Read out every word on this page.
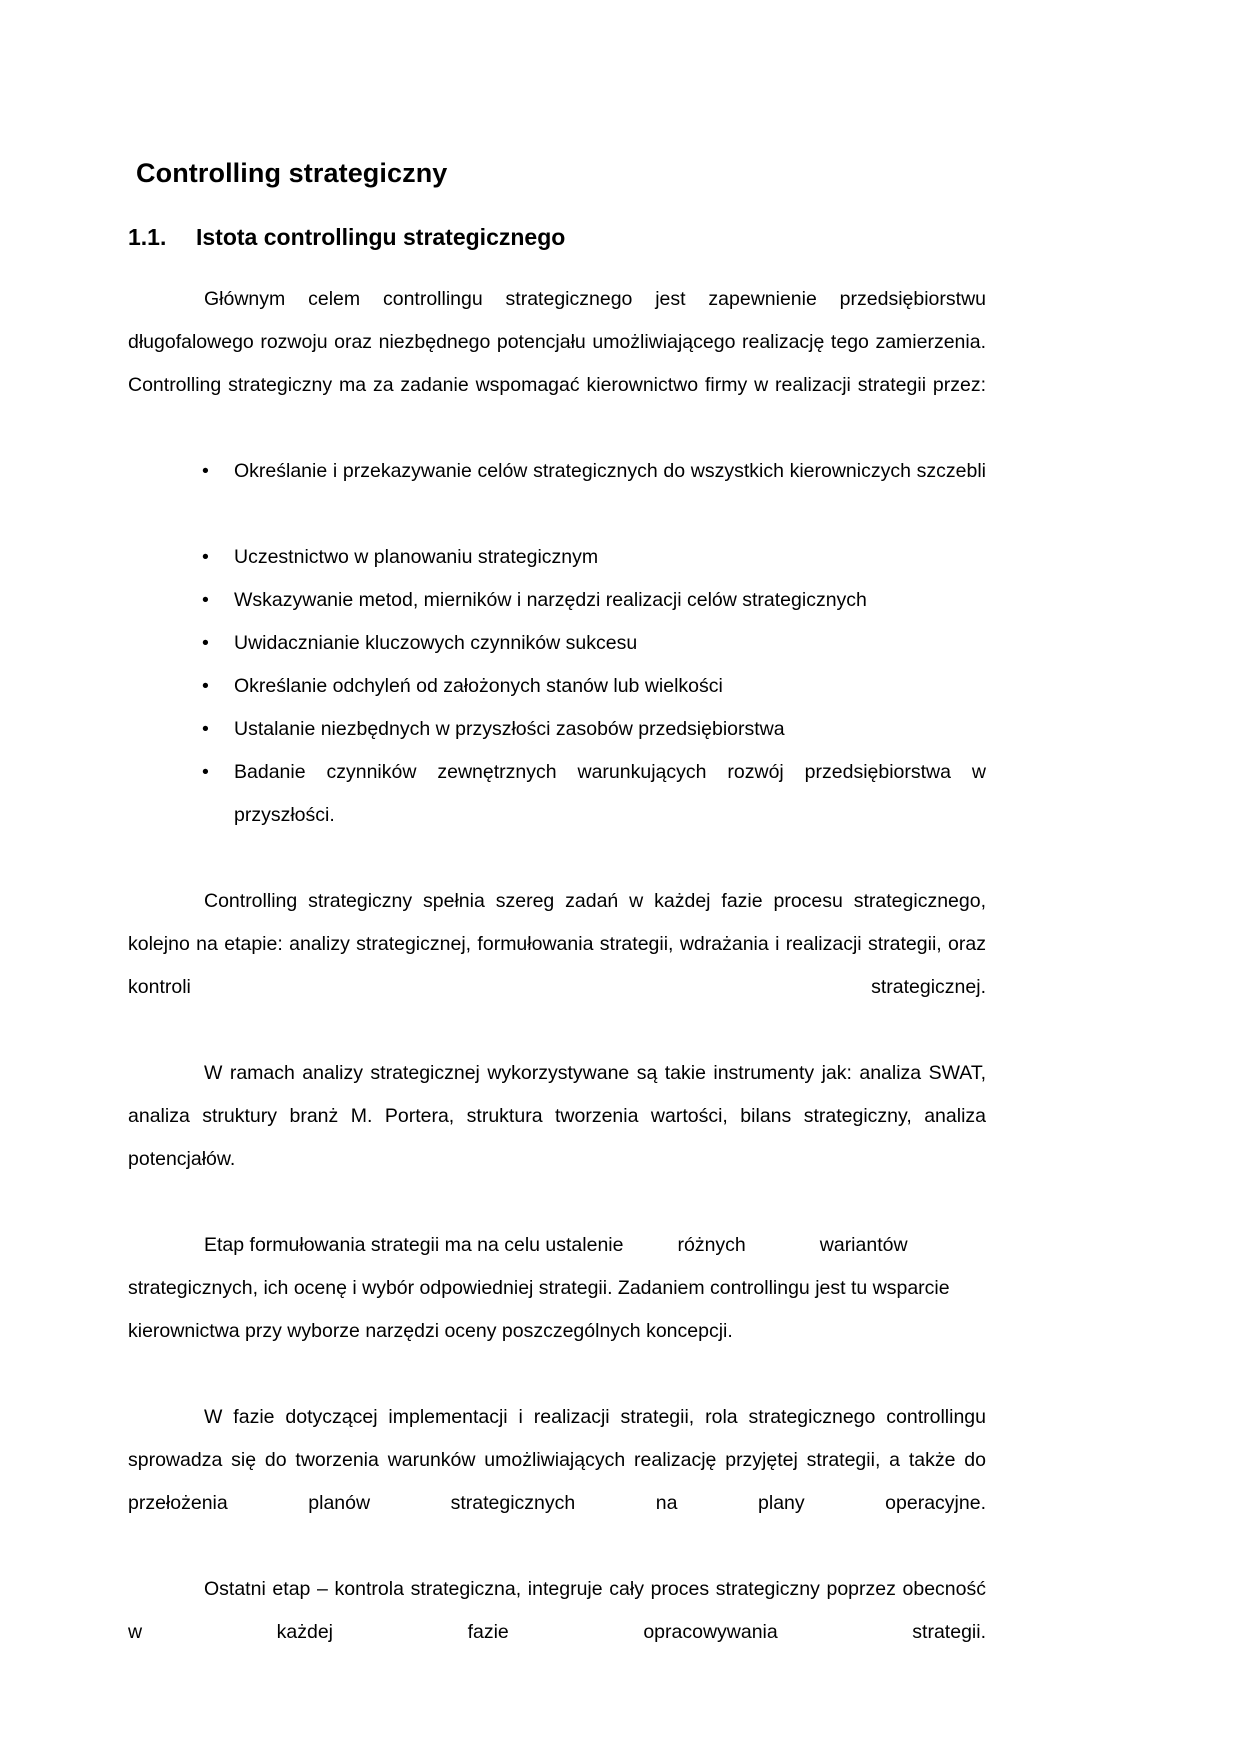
Controlling strategiczny
1.1.	Istota controllingu strategicznego

Głównym celem controllingu strategicznego jest zapewnienie przedsiębiorstwu długofalowego rozwoju oraz niezbędnego potencjału umożliwiającego realizację tego zamierzenia. Controlling strategiczny ma za zadanie wspomagać kierownictwo firmy w realizacji strategii przez:

• Określanie i przekazywanie celów strategicznych do wszystkich kierowniczych szczebli
• Uczestnictwo w planowaniu strategicznym
• Wskazywanie metod, mierników i narzędzi realizacji celów strategicznych
• Uwidacznianie kluczowych czynników sukcesu
• Określanie odchyleń od założonych stanów lub wielkości
• Ustalanie niezbędnych w przyszłości zasobów przedsiębiorstwa
• Badanie czynników zewnętrznych warunkujących rozwój przedsiębiorstwa w przyszłości.

Controlling strategiczny spełnia szereg zadań w każdej fazie procesu strategicznego, kolejno na etapie: analizy strategicznej, formułowania strategii, wdrażania i realizacji strategii, oraz kontroli strategicznej.

W ramach analizy strategicznej wykorzystywane są takie instrumenty jak: analiza SWAT, analiza struktury branż M. Portera, struktura tworzenia wartości, bilans strategiczny, analiza potencjałów.

Etap formułowania strategii ma na celu ustalenie	różnych	wariantów strategicznych, ich ocenę i wybór odpowiedniej strategii. Zadaniem controllingu jest tu wsparcie kierownictwa przy wyborze narzędzi oceny poszczególnych koncepcji.

W fazie dotyczącej implementacji i realizacji strategii, rola strategicznego controllingu sprowadza się do tworzenia warunków umożliwiających realizację przyjętej strategii, a także do przełożenia planów strategicznych na plany operacyjne.

Ostatni etap – kontrola strategiczna, integruje cały proces strategiczny poprzez obecność w każdej fazie opracowywania strategii.
